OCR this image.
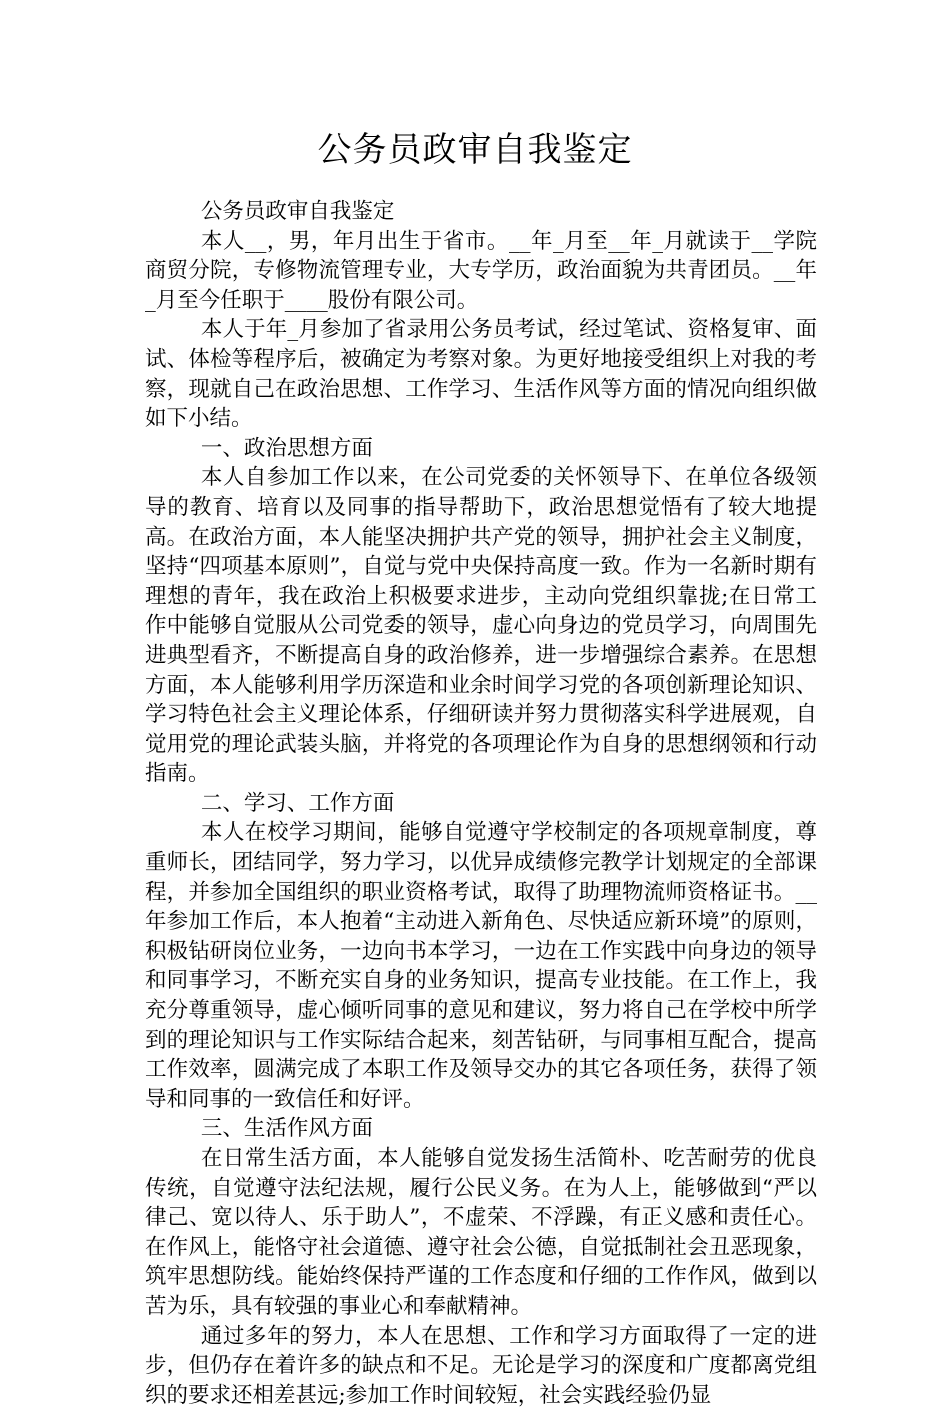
公务员政审自我鉴定

公务员政审自我鉴定

本人__，男，年月出生于省市。__年_月至__年_月就读于__学院商贸分院，专修物流管理专业，大专学历，政治面貌为共青团员。__年_月至今任职于____股份有限公司。

本人于年_月参加了省录用公务员考试，经过笔试、资格复审、面试、体检等程序后，被确定为考察对象。为更好地接受组织上对我的考察，现就自己在政治思想、工作学习、生活作风等方面的情况向组织做如下小结。

一、政治思想方面

本人自参加工作以来，在公司党委的关怀领导下、在单位各级领导的教育、培育以及同事的指导帮助下，政治思想觉悟有了较大地提高。在政治方面，本人能坚决拥护共产党的领导，拥护社会主义制度，坚持“四项基本原则”，自觉与党中央保持高度一致。作为一名新时期有理想的青年，我在政治上积极要求进步，主动向党组织靠拢;在日常工作中能够自觉服从公司党委的领导，虚心向身边的党员学习，向周围先进典型看齐，不断提高自身的政治修养，进一步增强综合素养。在思想方面，本人能够利用学历深造和业余时间学习党的各项创新理论知识、学习特色社会主义理论体系，仔细研读并努力贯彻落实科学进展观，自觉用党的理论武装头脑，并将党的各项理论作为自身的思想纲领和行动指南。

二、学习、工作方面

本人在校学习期间，能够自觉遵守学校制定的各项规章制度，尊重师长，团结同学，努力学习，以优异成绩修完教学计划规定的全部课程，并参加全国组织的职业资格考试，取得了助理物流师资格证书。__年参加工作后，本人抱着“主动进入新角色、尽快适应新环境”的原则，积极钻研岗位业务，一边向书本学习，一边在工作实践中向身边的领导和同事学习，不断充实自身的业务知识，提高专业技能。在工作上，我充分尊重领导，虚心倾听同事的意见和建议，努力将自己在学校中所学到的理论知识与工作实际结合起来，刻苦钻研，与同事相互配合，提高工作效率，圆满完成了本职工作及领导交办的其它各项任务，获得了领导和同事的一致信任和好评。

三、生活作风方面

在日常生活方面，本人能够自觉发扬生活简朴、吃苦耐劳的优良传统，自觉遵守法纪法规，履行公民义务。在为人上，能够做到“严以律己、宽以待人、乐于助人”，不虚荣、不浮躁，有正义感和责任心。在作风上，能恪守社会道德、遵守社会公德，自觉抵制社会丑恶现象，筑牢思想防线。能始终保持严谨的工作态度和仔细的工作作风，做到以苦为乐，具有较强的事业心和奉献精神。

通过多年的努力，本人在思想、工作和学习方面取得了一定的进步，但仍存在着许多的缺点和不足。无论是学习的深度和广度都离党组织的要求还相差甚远;参加工作时间较短，社会实践经验仍显
